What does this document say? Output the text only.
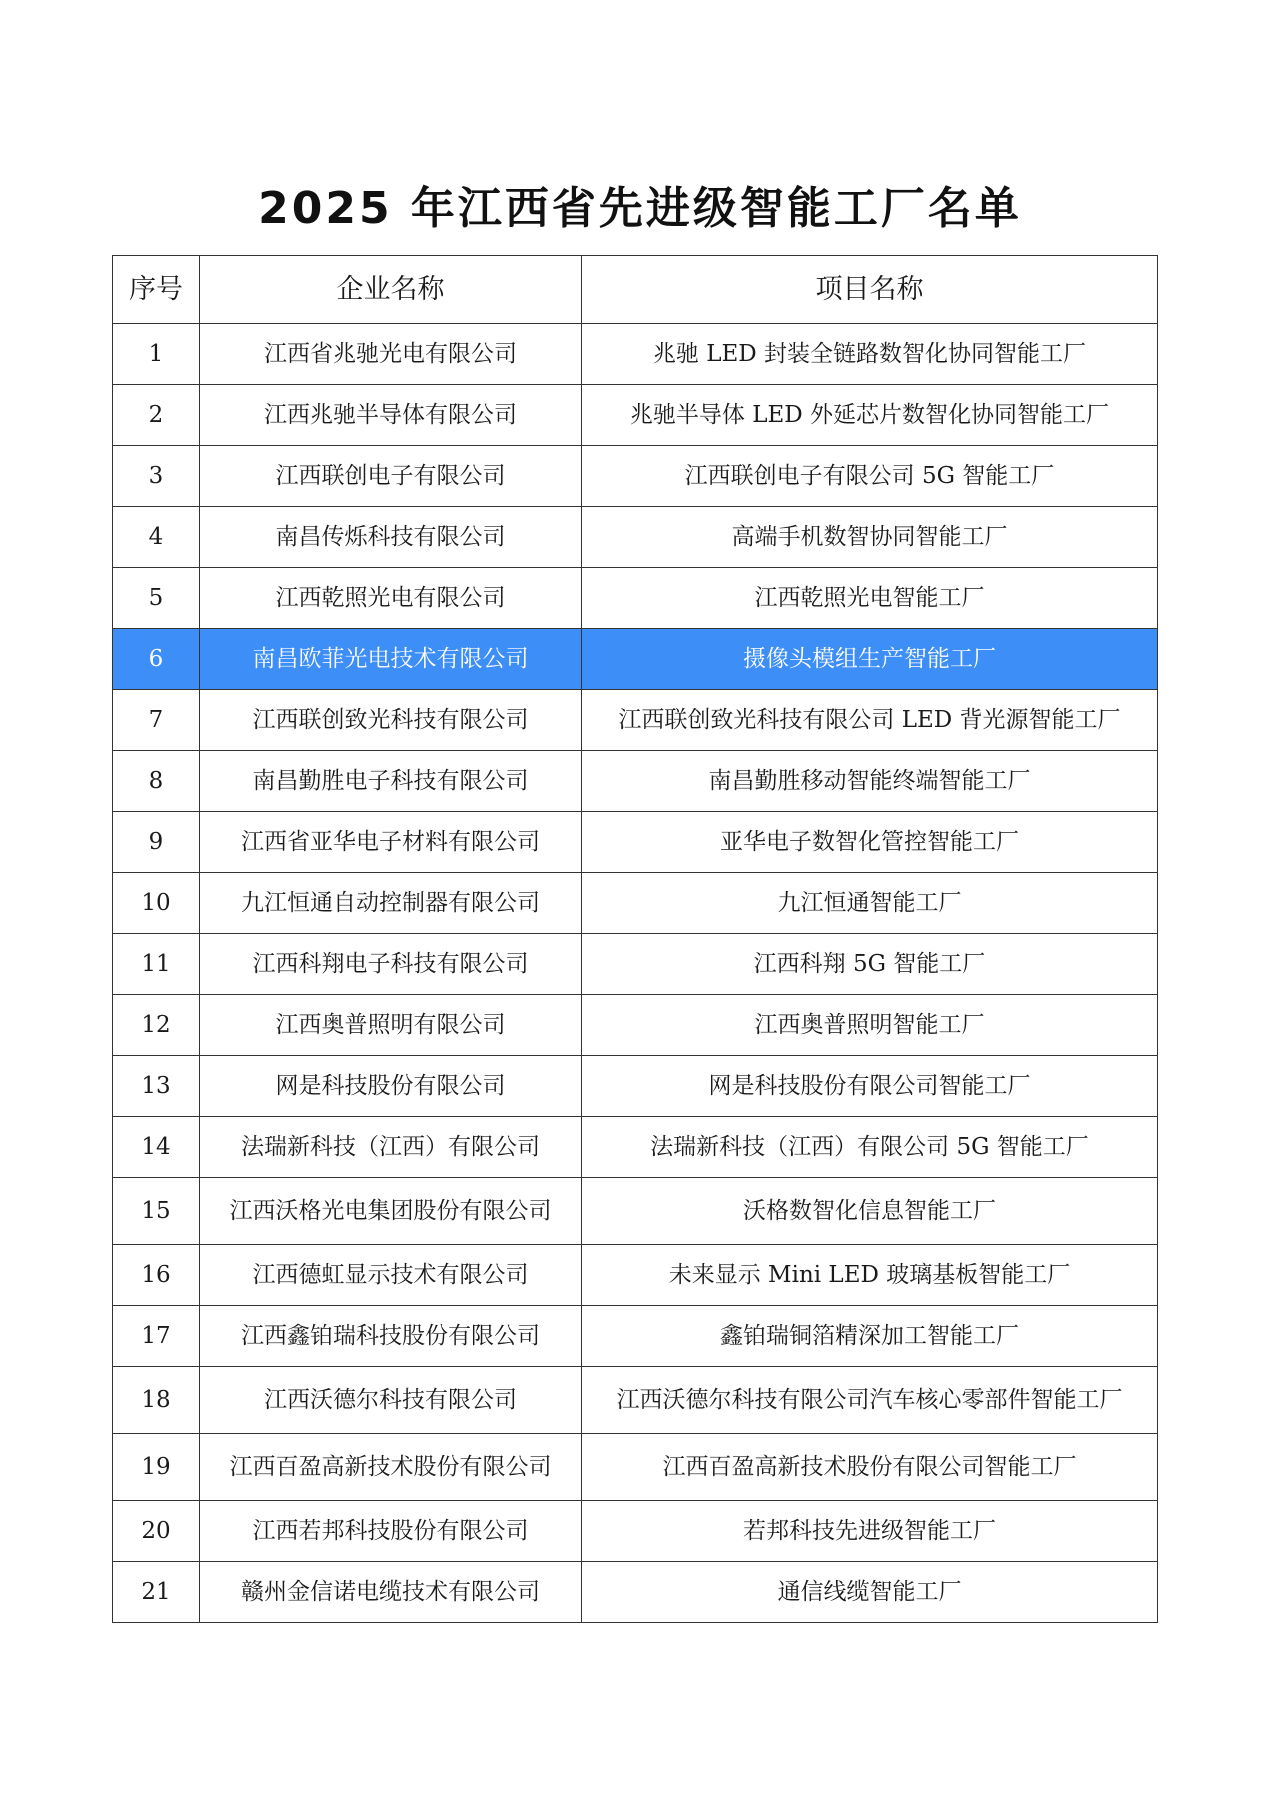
2025 年江西省先进级智能工厂名单
序号	企业名称	项目名称
1	江西省兆驰光电有限公司	兆驰 LED 封装全链路数智化协同智能工厂
2	江西兆驰半导体有限公司	兆驰半导体 LED 外延芯片数智化协同智能工厂
3	江西联创电子有限公司	江西联创电子有限公司 5G 智能工厂
4	南昌传烁科技有限公司	高端手机数智协同智能工厂
5	江西乾照光电有限公司	江西乾照光电智能工厂
6	南昌欧菲光电技术有限公司	摄像头模组生产智能工厂
7	江西联创致光科技有限公司	江西联创致光科技有限公司 LED 背光源智能工厂
8	南昌勤胜电子科技有限公司	南昌勤胜移动智能终端智能工厂
9	江西省亚华电子材料有限公司	亚华电子数智化管控智能工厂
10	九江恒通自动控制器有限公司	九江恒通智能工厂
11	江西科翔电子科技有限公司	江西科翔 5G 智能工厂
12	江西奥普照明有限公司	江西奥普照明智能工厂
13	网是科技股份有限公司	网是科技股份有限公司智能工厂
14	法瑞新科技（江西）有限公司	法瑞新科技（江西）有限公司 5G 智能工厂
15	江西沃格光电集团股份有限公司	沃格数智化信息智能工厂
16	江西德虹显示技术有限公司	未来显示 Mini LED 玻璃基板智能工厂
17	江西鑫铂瑞科技股份有限公司	鑫铂瑞铜箔精深加工智能工厂
18	江西沃德尔科技有限公司	江西沃德尔科技有限公司汽车核心零部件智能工厂
19	江西百盈高新技术股份有限公司	江西百盈高新技术股份有限公司智能工厂
20	江西若邦科技股份有限公司	若邦科技先进级智能工厂
21	赣州金信诺电缆技术有限公司	通信线缆智能工厂
